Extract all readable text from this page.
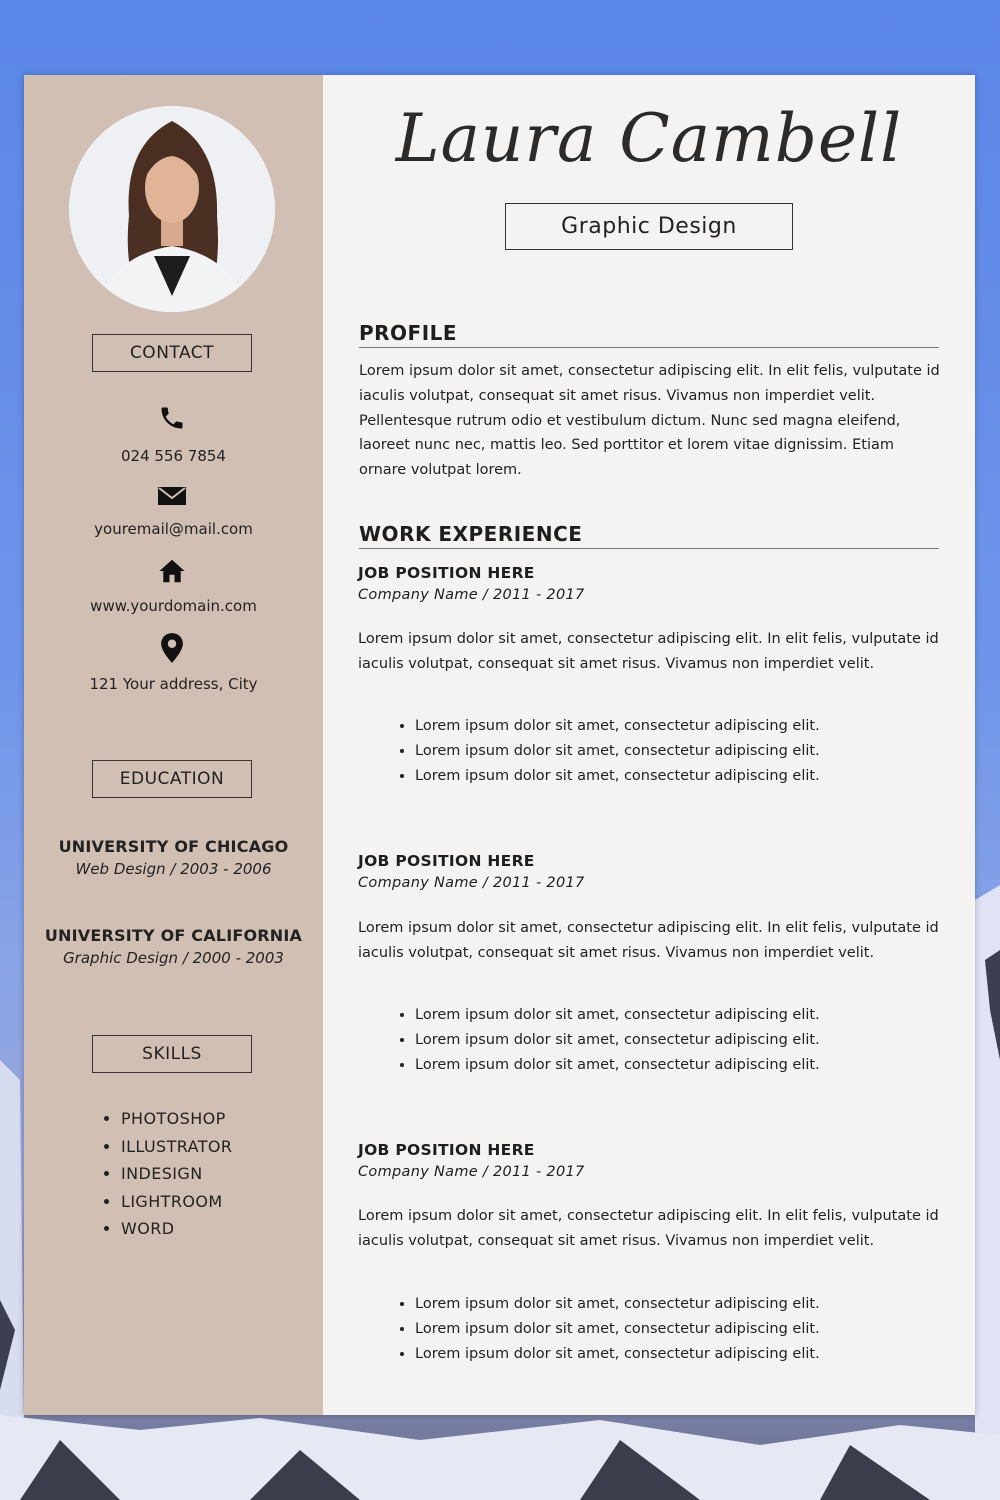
CONTACT
024 556 7854
youremail@mail.com
www.yourdomain.com
121 Your address, City
EDUCATION
UNIVERSITY OF CHICAGO
Web Design / 2003 - 2006
UNIVERSITY OF CALIFORNIA
Graphic Design / 2000 - 2003
SKILLS
• PHOTOSHOP
• ILLUSTRATOR
• INDESIGN
• LIGHTROOM
• WORD
Laura Cambell
Graphic Design
PROFILE

Lorem ipsum dolor sit amet, consectetur adipiscing elit. In elit felis, vulputate id iaculis volutpat, consequat sit amet risus. Vivamus non imperdiet velit. Pellentesque rutrum odio et vestibulum dictum. Nunc sed magna eleifend, laoreet nunc nec, mattis leo. Sed porttitor et lorem vitae dignissim. Etiam ornare volutpat lorem.

WORK EXPERIENCE
JOB POSITION HERE
Company Name / 2011 - 2017

Lorem ipsum dolor sit amet, consectetur adipiscing elit. In elit felis, vulputate id iaculis volutpat, consequat sit amet risus. Vivamus non imperdiet velit.

• Lorem ipsum dolor sit amet, consectetur adipiscing elit.
• Lorem ipsum dolor sit amet, consectetur adipiscing elit.
• Lorem ipsum dolor sit amet, consectetur adipiscing elit.
JOB POSITION HERE
Company Name / 2011 - 2017

Lorem ipsum dolor sit amet, consectetur adipiscing elit. In elit felis, vulputate id iaculis volutpat, consequat sit amet risus. Vivamus non imperdiet velit.

• Lorem ipsum dolor sit amet, consectetur adipiscing elit.
• Lorem ipsum dolor sit amet, consectetur adipiscing elit.
• Lorem ipsum dolor sit amet, consectetur adipiscing elit.
JOB POSITION HERE
Company Name / 2011 - 2017

Lorem ipsum dolor sit amet, consectetur adipiscing elit. In elit felis, vulputate id iaculis volutpat, consequat sit amet risus. Vivamus non imperdiet velit.

• Lorem ipsum dolor sit amet, consectetur adipiscing elit.
• Lorem ipsum dolor sit amet, consectetur adipiscing elit.
• Lorem ipsum dolor sit amet, consectetur adipiscing elit.
